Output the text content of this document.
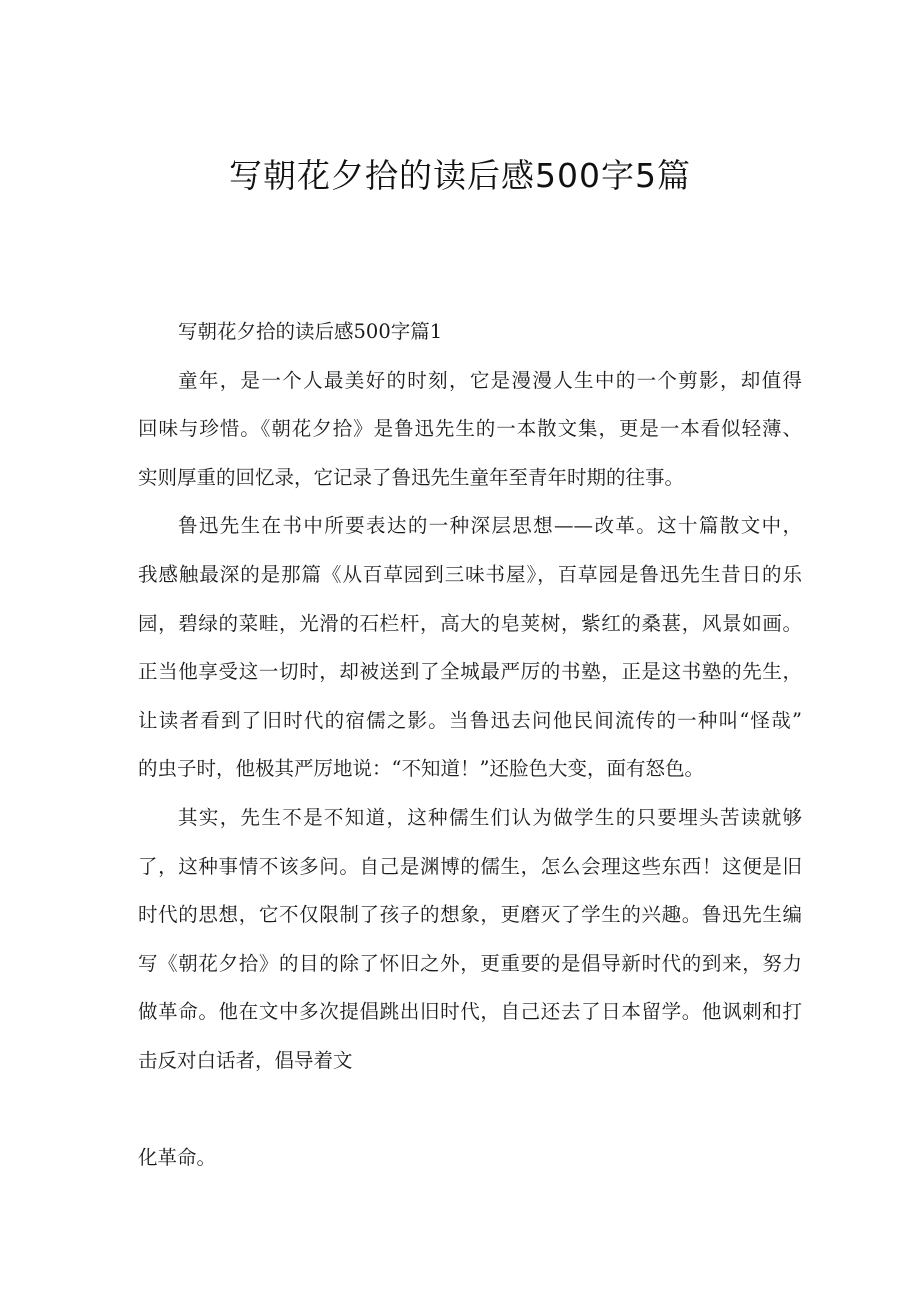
写朝花夕拾的读后感500字5篇
写朝花夕拾的读后感500字篇1
童年，是一个人最美好的时刻，它是漫漫人生中的一个剪影，却值得
回味与珍惜。《朝花夕拾》是鲁迅先生的一本散文集，更是一本看似轻薄、
实则厚重的回忆录，它记录了鲁迅先生童年至青年时期的往事。
鲁迅先生在书中所要表达的一种深层思想——改革。这十篇散文中，
我感触最深的是那篇《从百草园到三味书屋》，百草园是鲁迅先生昔日的乐
园，碧绿的菜畦，光滑的石栏杆，高大的皂荚树，紫红的桑葚，风景如画。
正当他享受这一切时，却被送到了全城最严厉的书塾，正是这书塾的先生，
让读者看到了旧时代的宿儒之影。当鲁迅去问他民间流传的一种叫“怪哉”
的虫子时，他极其严厉地说：“不知道！”还脸色大变，面有怒色。
其实，先生不是不知道，这种儒生们认为做学生的只要埋头苦读就够
了，这种事情不该多问。自己是渊博的儒生，怎么会理这些东西！这便是旧
时代的思想，它不仅限制了孩子的想象，更磨灭了学生的兴趣。鲁迅先生编
写《朝花夕拾》的目的除了怀旧之外，更重要的是倡导新时代的到来，努力
做革命。他在文中多次提倡跳出旧时代，自己还去了日本留学。他讽刺和打
击反对白话者，倡导着文
化革命。
